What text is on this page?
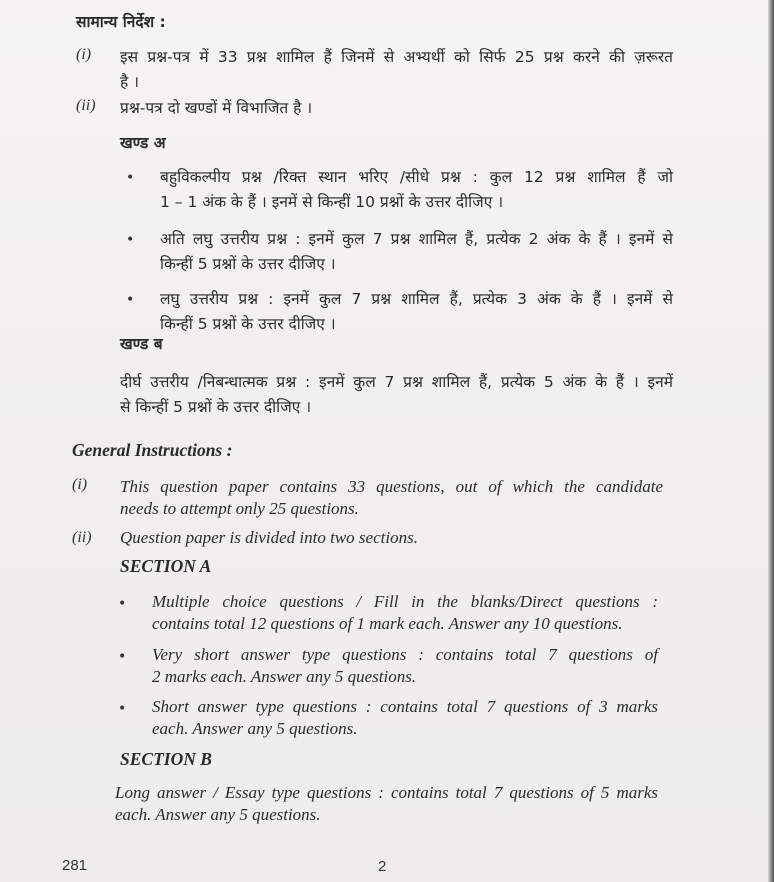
सामान्य निर्देश :
(i) इस प्रश्न-पत्र में 33 प्रश्न शामिल हैं जिनमें से अभ्यर्थी को सिर्फ 25 प्रश्न करने की ज़रूरत
है ।
(ii) प्रश्न-पत्र दो खण्डों में विभाजित है ।
खण्ड अ
• बहुविकल्पीय प्रश्न /रिक्त स्थान भरिए /सीधे प्रश्न : कुल 12 प्रश्न शामिल हैं जो
1 – 1 अंक के हैं । इनमें से किन्हीं 10 प्रश्नों के उत्तर दीजिए ।
• अति लघु उत्तरीय प्रश्न : इनमें कुल 7 प्रश्न शामिल हैं, प्रत्येक 2 अंक के हैं । इनमें से
किन्हीं 5 प्रश्नों के उत्तर दीजिए ।
• लघु उत्तरीय प्रश्न : इनमें कुल 7 प्रश्न शामिल हैं, प्रत्येक 3 अंक के हैं । इनमें से
किन्हीं 5 प्रश्नों के उत्तर दीजिए ।
खण्ड ब
दीर्घ उत्तरीय /निबन्धात्मक प्रश्न : इनमें कुल 7 प्रश्न शामिल हैं, प्रत्येक 5 अंक के हैं । इनमें
से किन्हीं 5 प्रश्नों के उत्तर दीजिए ।
General Instructions :
(i) This question paper contains 33 questions, out of which the candidate
needs to attempt only 25 questions.
(ii) Question paper is divided into two sections.
SECTION A
• Multiple choice questions / Fill in the blanks/Direct questions :
contains total 12 questions of 1 mark each. Answer any 10 questions.
• Very short answer type questions : contains total 7 questions of
2 marks each. Answer any 5 questions.
• Short answer type questions : contains total 7 questions of 3 marks
each. Answer any 5 questions.
SECTION B
Long answer / Essay type questions : contains total 7 questions of 5 marks
each. Answer any 5 questions.
281	2
